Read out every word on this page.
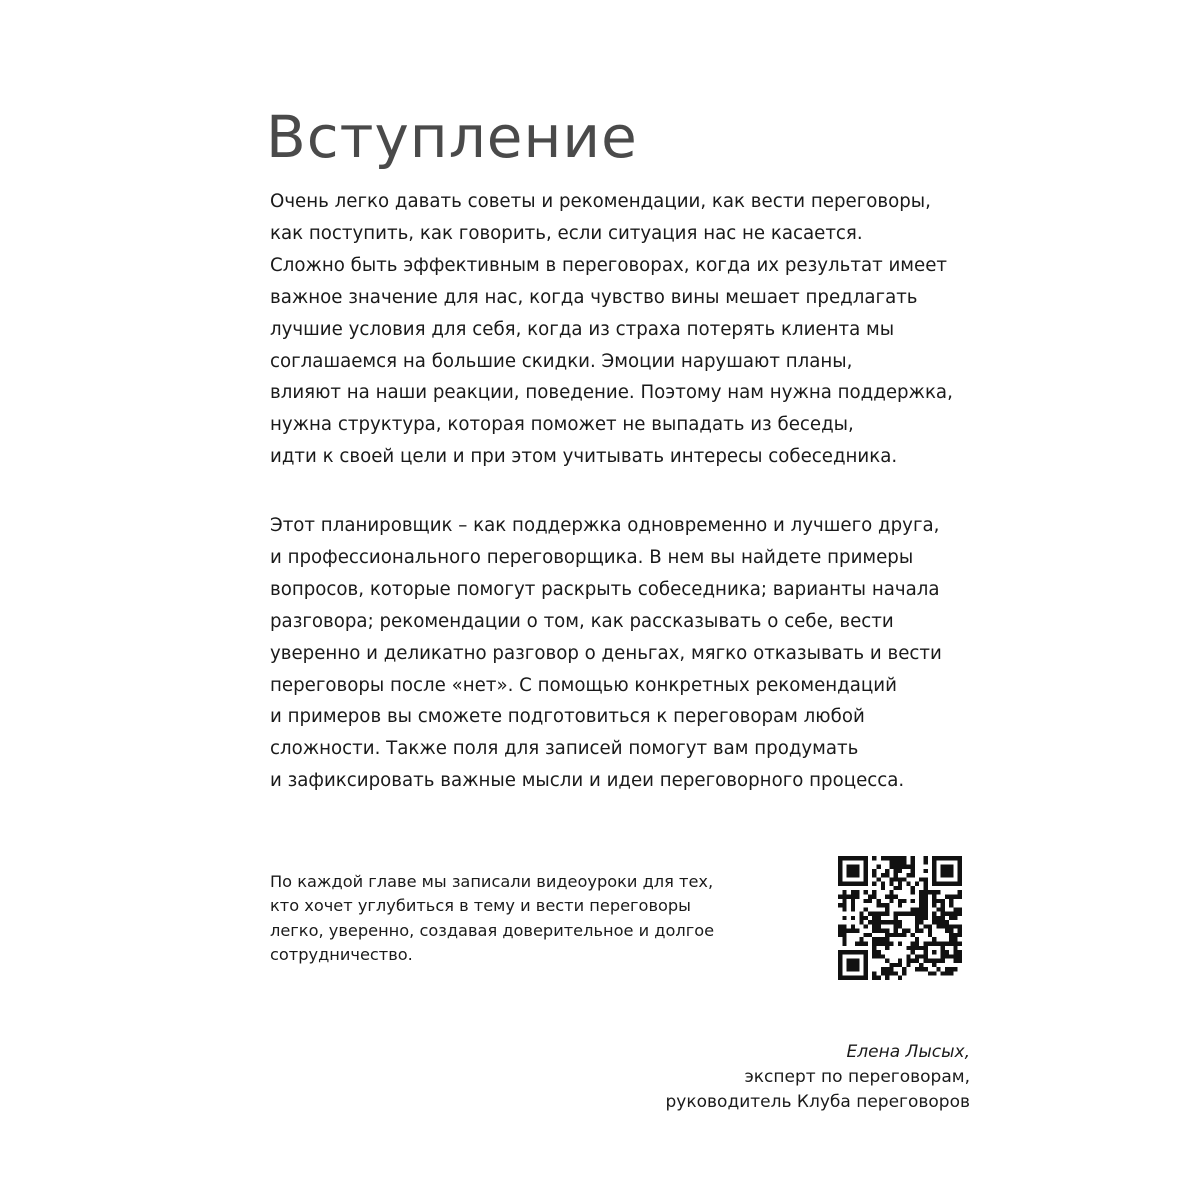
Вступление
Очень легко давать советы и рекомендации, как вести переговоры,
как поступить, как говорить, если ситуация нас не касается.
Сложно быть эффективным в переговорах, когда их результат имеет
важное значение для нас, когда чувство вины мешает предлагать
лучшие условия для себя, когда из страха потерять клиента мы
соглашаемся на большие скидки. Эмоции нарушают планы,
влияют на наши реакции, поведение. Поэтому нам нужна поддержка,
нужна структура, которая поможет не выпадать из беседы,
идти к своей цели и при этом учитывать интересы собеседника.
Этот планировщик – как поддержка одновременно и лучшего друга,
и профессионального переговорщика. В нем вы найдете примеры
вопросов, которые помогут раскрыть собеседника; варианты начала
разговора; рекомендации о том, как рассказывать о себе, вести
уверенно и деликатно разговор о деньгах, мягко отказывать и вести
переговоры после «нет». С помощью конкретных рекомендаций
и примеров вы сможете подготовиться к переговорам любой
сложности. Также поля для записей помогут вам продумать
и зафиксировать важные мысли и идеи переговорного процесса.
По каждой главе мы записали видеоуроки для тех,
кто хочет углубиться в тему и вести переговоры
легко, уверенно, создавая доверительное и долгое
сотрудничество.
Елена Лысых,
эксперт по переговорам,
руководитель Клуба переговоров
